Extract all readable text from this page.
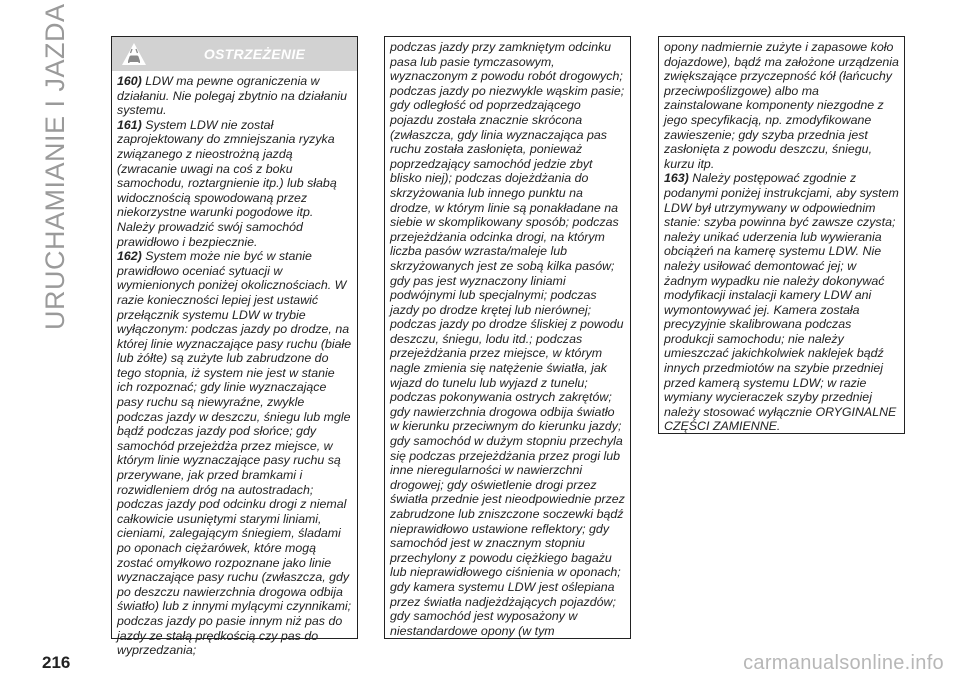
URUCHAMIANIE I JAZDA	OSTRZEŻENIE

160) LDW ma pewne ograniczenia w działaniu. Nie polegaj zbytnio na działaniu systemu.

161) System LDW nie został zaprojektowany do zmniejszania ryzyka związanego z nieostrożną jazdą (zwracanie uwagi na coś z boku samochodu, roztargnienie itp.) lub słabą widocznością spowodowaną przez niekorzystne warunki pogodowe itp. Należy prowadzić swój samochód prawidłowo i bezpiecznie.

162) System może nie być w stanie prawidłowo oceniać sytuacji w wymienionych poniżej okolicznościach. W razie konieczności lepiej jest ustawić przełącznik systemu LDW w trybie wyłączonym: podczas jazdy po drodze, na której linie wyznaczające pasy ruchu (białe lub żółte) są zużyte lub zabrudzone do tego stopnia, iż system nie jest w stanie ich rozpoznać; gdy linie wyznaczające pasy ruchu są niewyraźne, zwykle podczas jazdy w deszczu, śniegu lub mgle bądź podczas jazdy pod słońce; gdy samochód przejeżdża przez miejsce, w którym linie wyznaczające pasy ruchu są przerywane, jak przed bramkami i rozwidleniem dróg na autostradach; podczas jazdy pod odcinku drogi z niemal całkowicie usuniętymi starymi liniami, cieniami, zalegającym śniegiem, śladami po oponach ciężarówek, które mogą zostać omyłkowo rozpoznane jako linie wyznaczające pasy ruchu (zwłaszcza, gdy po deszczu nawierzchnia drogowa odbija światło) lub z innymi mylącymi czynnikami; podczas jazdy po pasie innym niż pas do jazdy ze stałą prędkością czy pas do wyprzedzania;

podczas jazdy przy zamkniętym odcinku pasa lub pasie tymczasowym, wyznaczonym z powodu robót drogowych; podczas jazdy po niezwykle wąskim pasie; gdy odległość od poprzedzającego pojazdu została znacznie skrócona (zwłaszcza, gdy linia wyznaczająca pas ruchu została zasłonięta, ponieważ poprzedzający samochód jedzie zbyt blisko niej); podczas dojeżdżania do skrzyżowania lub innego punktu na drodze, w którym linie są ponakładane na siebie w skomplikowany sposób; podczas przejeżdżania odcinka drogi, na którym liczba pasów wzrasta/maleje lub skrzyżowanych jest ze sobą kilka pasów; gdy pas jest wyznaczony liniami podwójnymi lub specjalnymi; podczas jazdy po drodze krętej lub nierównej; podczas jazdy po drodze śliskiej z powodu deszczu, śniegu, lodu itd.; podczas przejeżdżania przez miejsce, w którym nagle zmienia się natężenie światła, jak wjazd do tunelu lub wyjazd z tunelu; podczas pokonywania ostrych zakrętów; gdy nawierzchnia drogowa odbija światło w kierunku przeciwnym do kierunku jazdy; gdy samochód w dużym stopniu przechyla się podczas przejeżdżania przez progi lub inne nieregularności w nawierzchni drogowej; gdy oświetlenie drogi przez światła przednie jest nieodpowiednie przez zabrudzone lub zniszczone soczewki bądź nieprawidłowo ustawione reflektory; gdy samochód jest w znacznym stopniu przechylony z powodu ciężkiego bagażu lub nieprawidłowego ciśnienia w oponach; gdy kamera systemu LDW jest oślepiana przez światła nadjeżdżających pojazdów; gdy samochód jest wyposażony w niestandardowe opony (w tym

opony nadmiernie zużyte i zapasowe koło dojazdowe), bądź ma założone urządzenia zwiększające przyczepność kół (łańcuchy przeciwpoślizgowe) albo ma zainstalowane komponenty niezgodne z jego specyfikacją, np. zmodyfikowane zawieszenie; gdy szyba przednia jest zasłonięta z powodu deszczu, śniegu, kurzu itp.

163) Należy postępować zgodnie z podanymi poniżej instrukcjami, aby system LDW był utrzymywany w odpowiednim stanie: szyba powinna być zawsze czysta; należy unikać uderzenia lub wywierania obciążeń na kamerę systemu LDW. Nie należy usiłować demontować jej; w żadnym wypadku nie należy dokonywać modyfikacji instalacji kamery LDW ani wymontowywać jej. Kamera została precyzyjnie skalibrowana podczas produkcji samochodu; nie należy umieszczać jakichkolwiek naklejek bądź innych przedmiotów na szybie przedniej przed kamerą systemu LDW; w razie wymiany wycieraczek szyby przedniej należy stosować wyłącznie ORYGINALNE CZĘŚCI ZAMIENNE.

216	carmanualsonline.info
